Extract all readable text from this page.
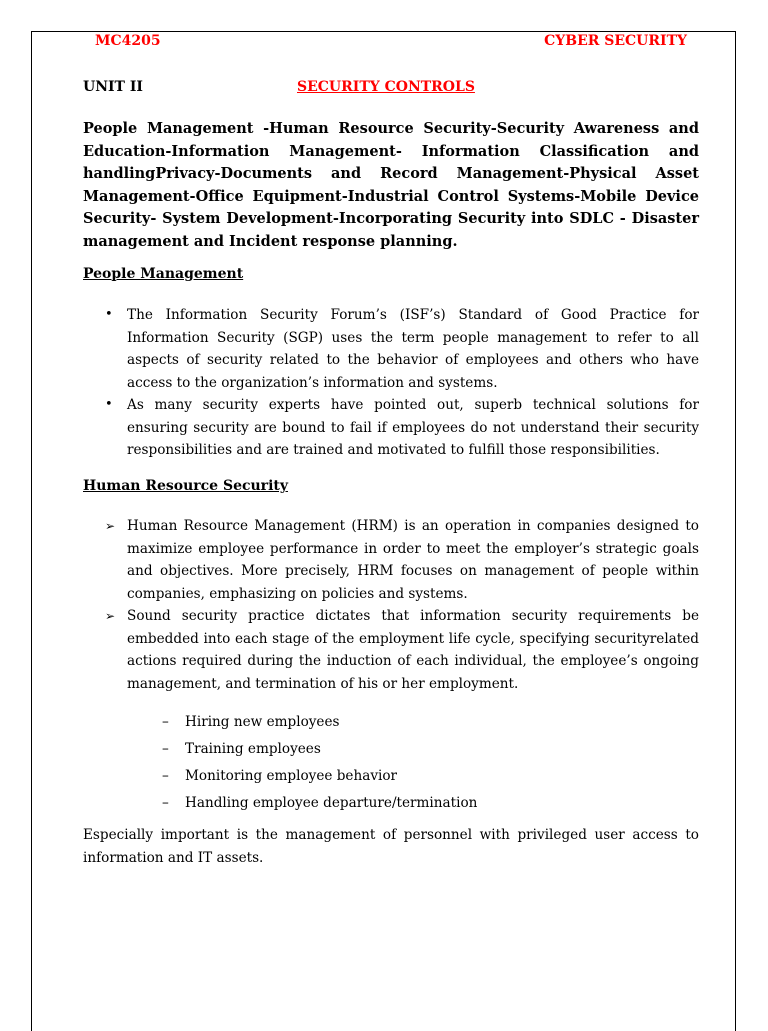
MC4205	CYBER SECURITY
UNIT II	SECURITY CONTROLS
People Management -Human Resource Security-Security Awareness and Education-Information Management- Information Classification and handlingPrivacy-Documents and Record Management-Physical Asset Management-Office Equipment-Industrial Control Systems-Mobile Device Security- System Development-Incorporating Security into SDLC - Disaster management and Incident response planning.
People Management
• The Information Security Forum’s (ISF’s) Standard of Good Practice for Information Security (SGP) uses the term people management to refer to all aspects of security related to the behavior of employees and others who have access to the organization’s information and systems.
• As many security experts have pointed out, superb technical solutions for ensuring security are bound to fail if employees do not understand their security responsibilities and are trained and motivated to fulfill those responsibilities.
Human Resource Security
➢ Human Resource Management (HRM) is an operation in companies designed to maximize employee performance in order to meet the employer’s strategic goals and objectives. More precisely, HRM focuses on management of people within companies, emphasizing on policies and systems.
➢ Sound security practice dictates that information security requirements be embedded into each stage of the employment life cycle, specifying securityrelated actions required during the induction of each individual, the employee’s ongoing management, and termination of his or her employment.
– Hiring new employees
– Training employees
– Monitoring employee behavior
– Handling employee departure/termination
Especially important is the management of personnel with privileged user access to information and IT assets.
